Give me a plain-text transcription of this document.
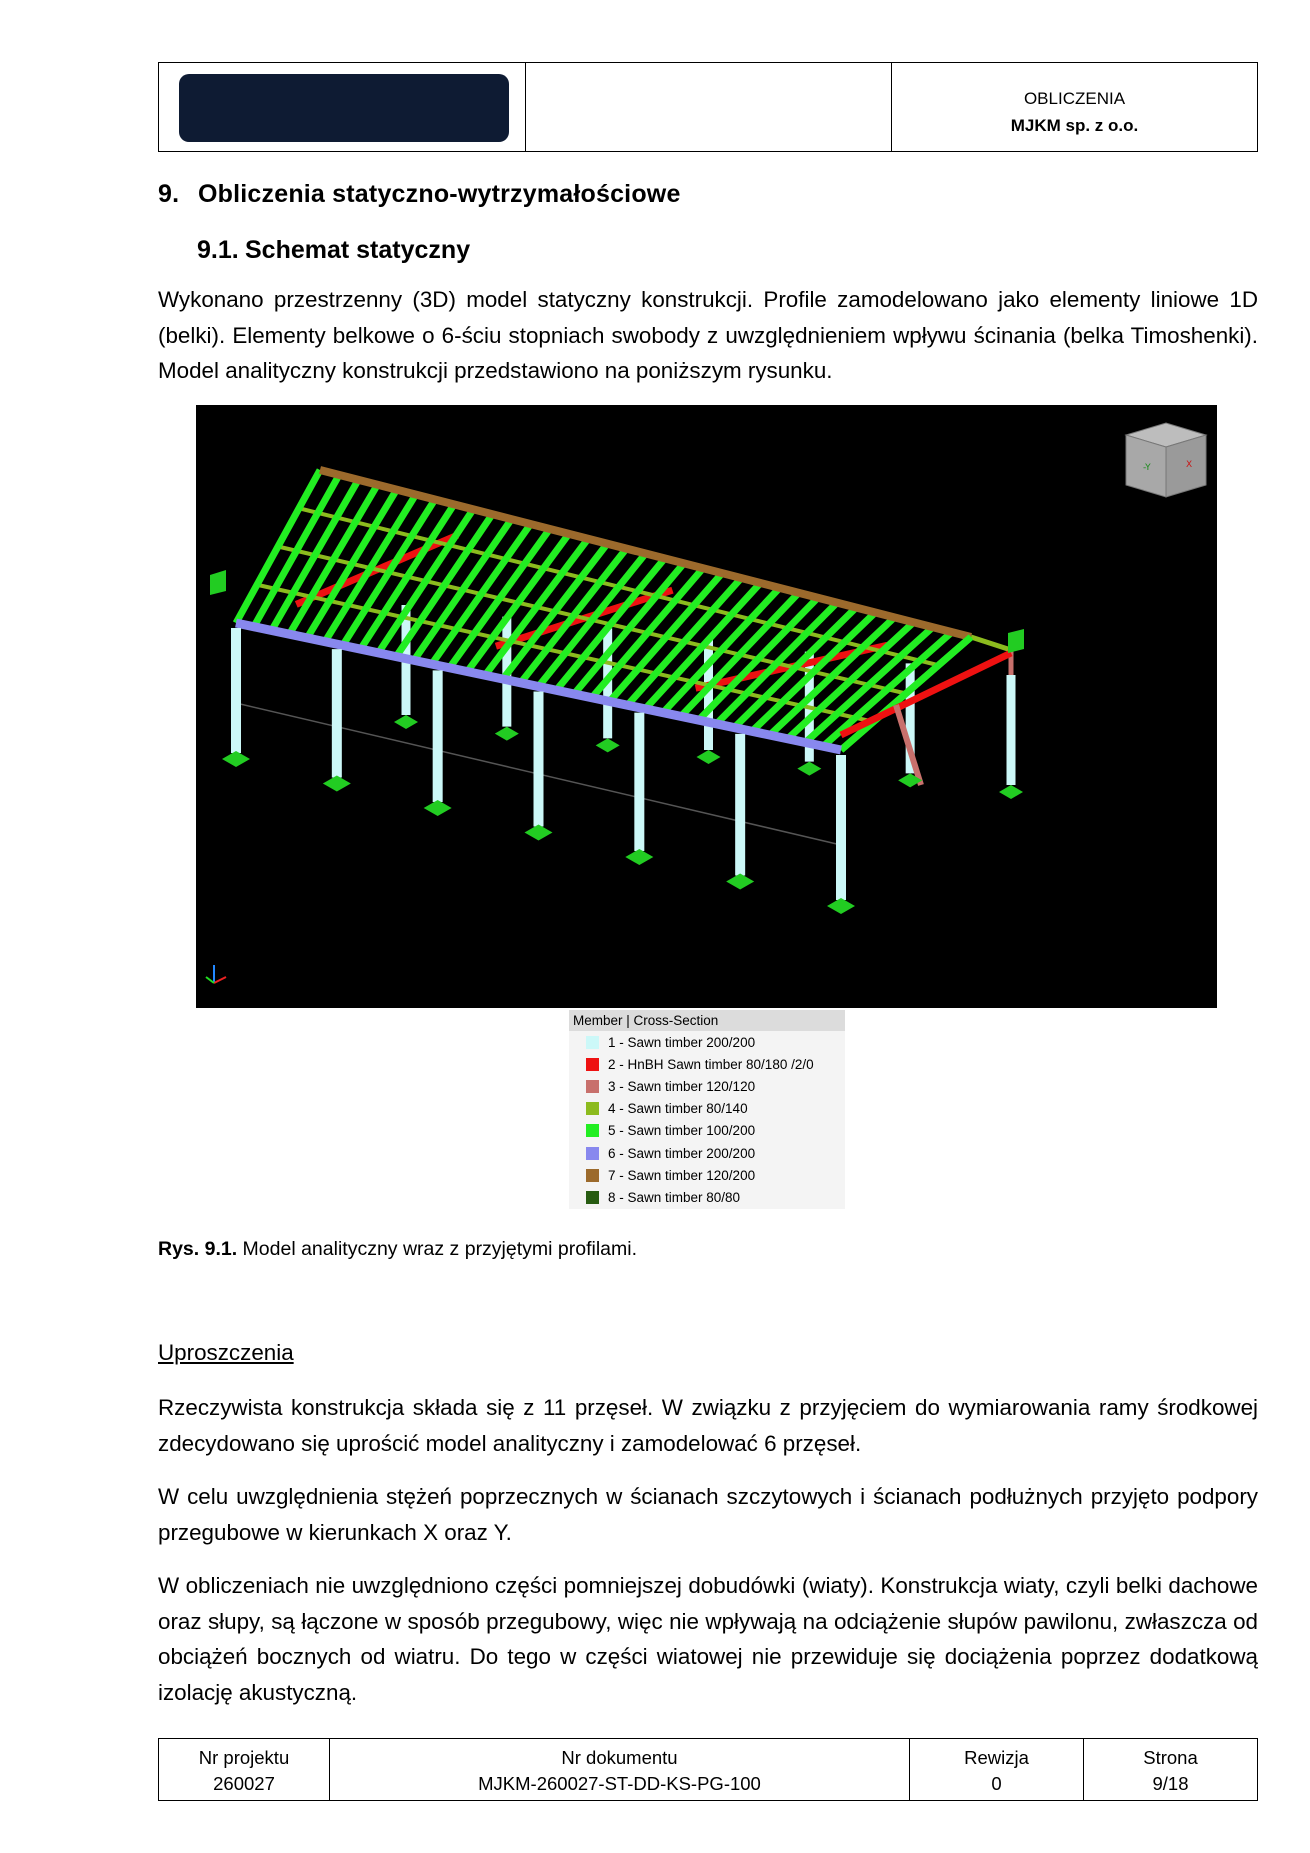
OBLICZENIA
MJKM sp. z o.o.
9. Obliczenia statyczno-wytrzymałościowe
9.1. Schemat statyczny
Wykonano przestrzenny (3D) model statyczny konstrukcji. Profile zamodelowano jako elementy liniowe 1D (belki). Elementy belkowe o 6-ściu stopniach swobody z uwzględnieniem wpływu ścinania (belka Timoshenki). Model analityczny konstrukcji przedstawiono na poniższym rysunku.
-Y	X
Member | Cross-Section
1 - Sawn timber 200/200
2 - HnBH Sawn timber 80/180 /2/0
3 - Sawn timber 120/120
4 - Sawn timber 80/140
5 - Sawn timber 100/200
6 - Sawn timber 200/200
7 - Sawn timber 120/200
8 - Sawn timber 80/80
Rys. 9.1. Model analityczny wraz z przyjętymi profilami.
Uproszczenia
Rzeczywista konstrukcja składa się z 11 przęseł. W związku z przyjęciem do wymiarowania ramy środkowej zdecydowano się uprościć model analityczny i zamodelować 6 przęseł.
W celu uwzględnienia stężeń poprzecznych w ścianach szczytowych i ścianach podłużnych przyjęto podpory przegubowe w kierunkach X oraz Y.
W obliczeniach nie uwzględniono części pomniejszej dobudówki (wiaty). Konstrukcja wiaty, czyli belki dachowe oraz słupy, są łączone w sposób przegubowy, więc nie wpływają na odciążenie słupów pawilonu, zwłaszcza od obciążeń bocznych od wiatru. Do tego w części wiatowej nie przewiduje się dociążenia poprzez dodatkową izolację akustyczną.
Nr projektu
260027
Nr dokumentu
MJKM-260027-ST-DD-KS-PG-100
Rewizja
0
Strona
9/18
